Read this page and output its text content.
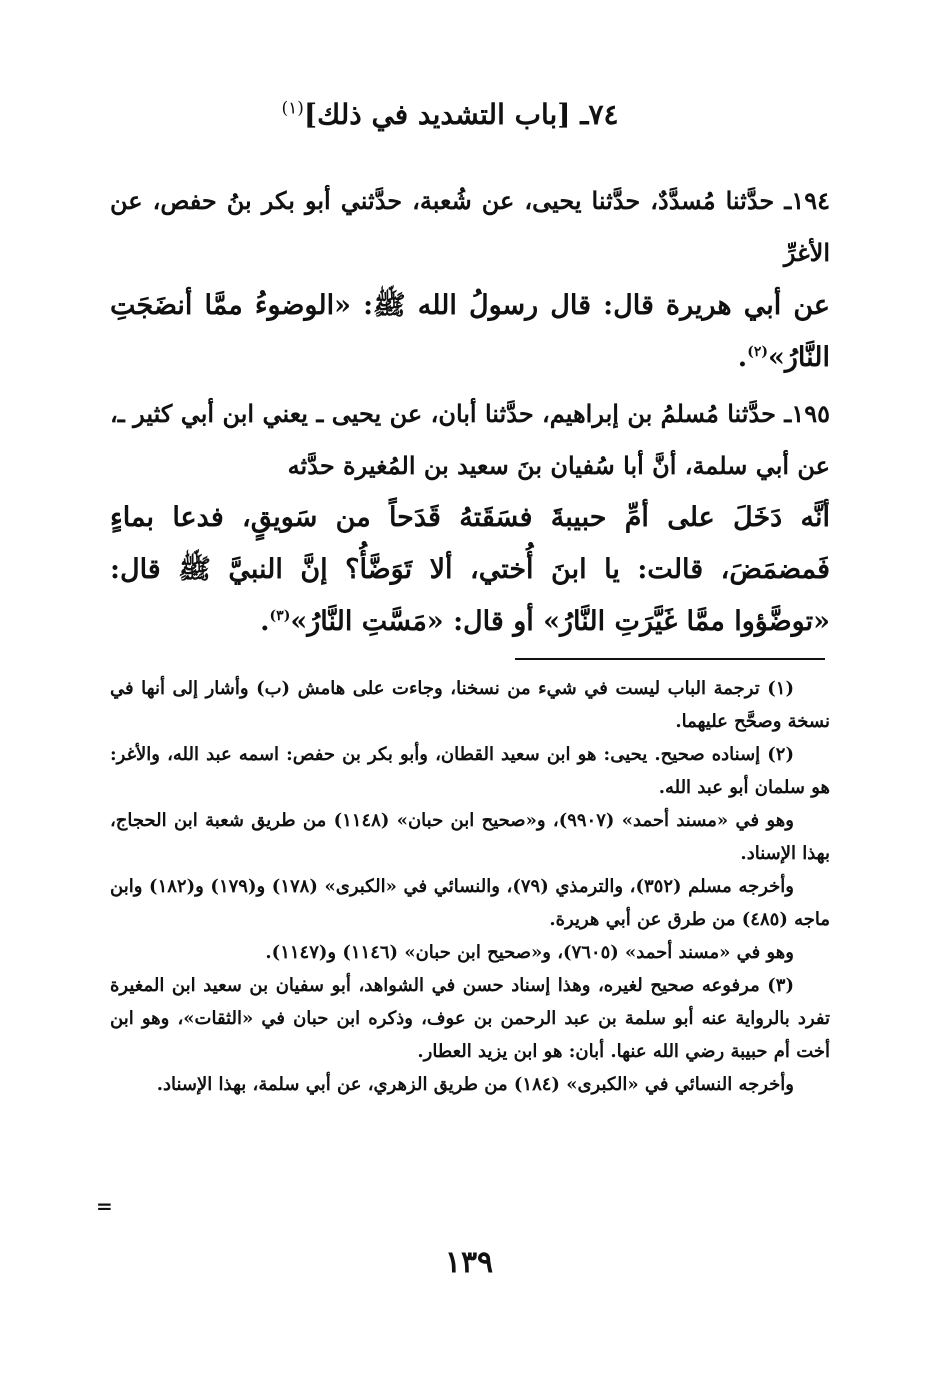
٧٤ـ [باب التشديد في ذلك]$^{(١)}$
١٩٤ـ حدَّثنا مُسدَّدٌ، حدَّثنا يحيى، عن شُعبة، حدَّثني أبو بكر بنُ حفص، عن الأغرِّ
عن أبي هريرة قال: قال رسولُ الله ﷺ: «الوضوءُ ممَّا أنضَجَتِ النَّارُ»$^{(٢)}$.
١٩٥ـ حدَّثنا مُسلمُ بن إبراهيم، حدَّثنا أبان، عن يحيى ـ يعني ابن أبي كثير ـ، عن أبي سلمة، أنَّ أبا سُفيان بنَ سعيد بن المُغيرة حدَّثه
أنَّه دَخَلَ على أمِّ حبيبةَ فسَقَتهُ قَدَحاً من سَويقٍ، فدعا بماءٍ فَمضمَضَ، قالت: يا ابنَ أُختي، ألا تَوَضَّأُ؟ إنَّ النبيَّ ﷺ قال: «توضَّؤوا ممَّا غَيَّرَتِ النَّارُ» أو قال: «مَسَّتِ النَّارُ»$^{(٣)}$.

(١) ترجمة الباب ليست في شيء من نسخنا، وجاءت على هامش (ب) وأشار إلى أنها في نسخة وصحَّح عليهما.

(٢) إسناده صحيح. يحيى: هو ابن سعيد القطان، وأبو بكر بن حفص: اسمه عبد الله، والأغر: هو سلمان أبو عبد الله.

وهو في «مسند أحمد» (٩٩٠٧)، و«صحيح ابن حبان» (١١٤٨) من طريق شعبة ابن الحجاج، بهذا الإسناد.

وأخرجه مسلم (٣٥٢)، والترمذي (٧٩)، والنسائي في «الكبرى» (١٧٨) و(١٧٩) و(١٨٢) وابن ماجه (٤٨٥) من طرق عن أبي هريرة.

وهو في «مسند أحمد» (٧٦٠٥)، و«صحيح ابن حبان» (١١٤٦) و(١١٤٧).

(٣) مرفوعه صحيح لغيره، وهذا إسناد حسن في الشواهد، أبو سفيان بن سعيد ابن المغيرة تفرد بالرواية عنه أبو سلمة بن عبد الرحمن بن عوف، وذكره ابن حبان في «الثقات»، وهو ابن أخت أم حبيبة رضي الله عنها. أبان: هو ابن يزيد العطار.

وأخرجه النسائي في «الكبرى» (١٨٤) من طريق الزهري، عن أبي سلمة، بهذا الإسناد.

=
١٣٩
